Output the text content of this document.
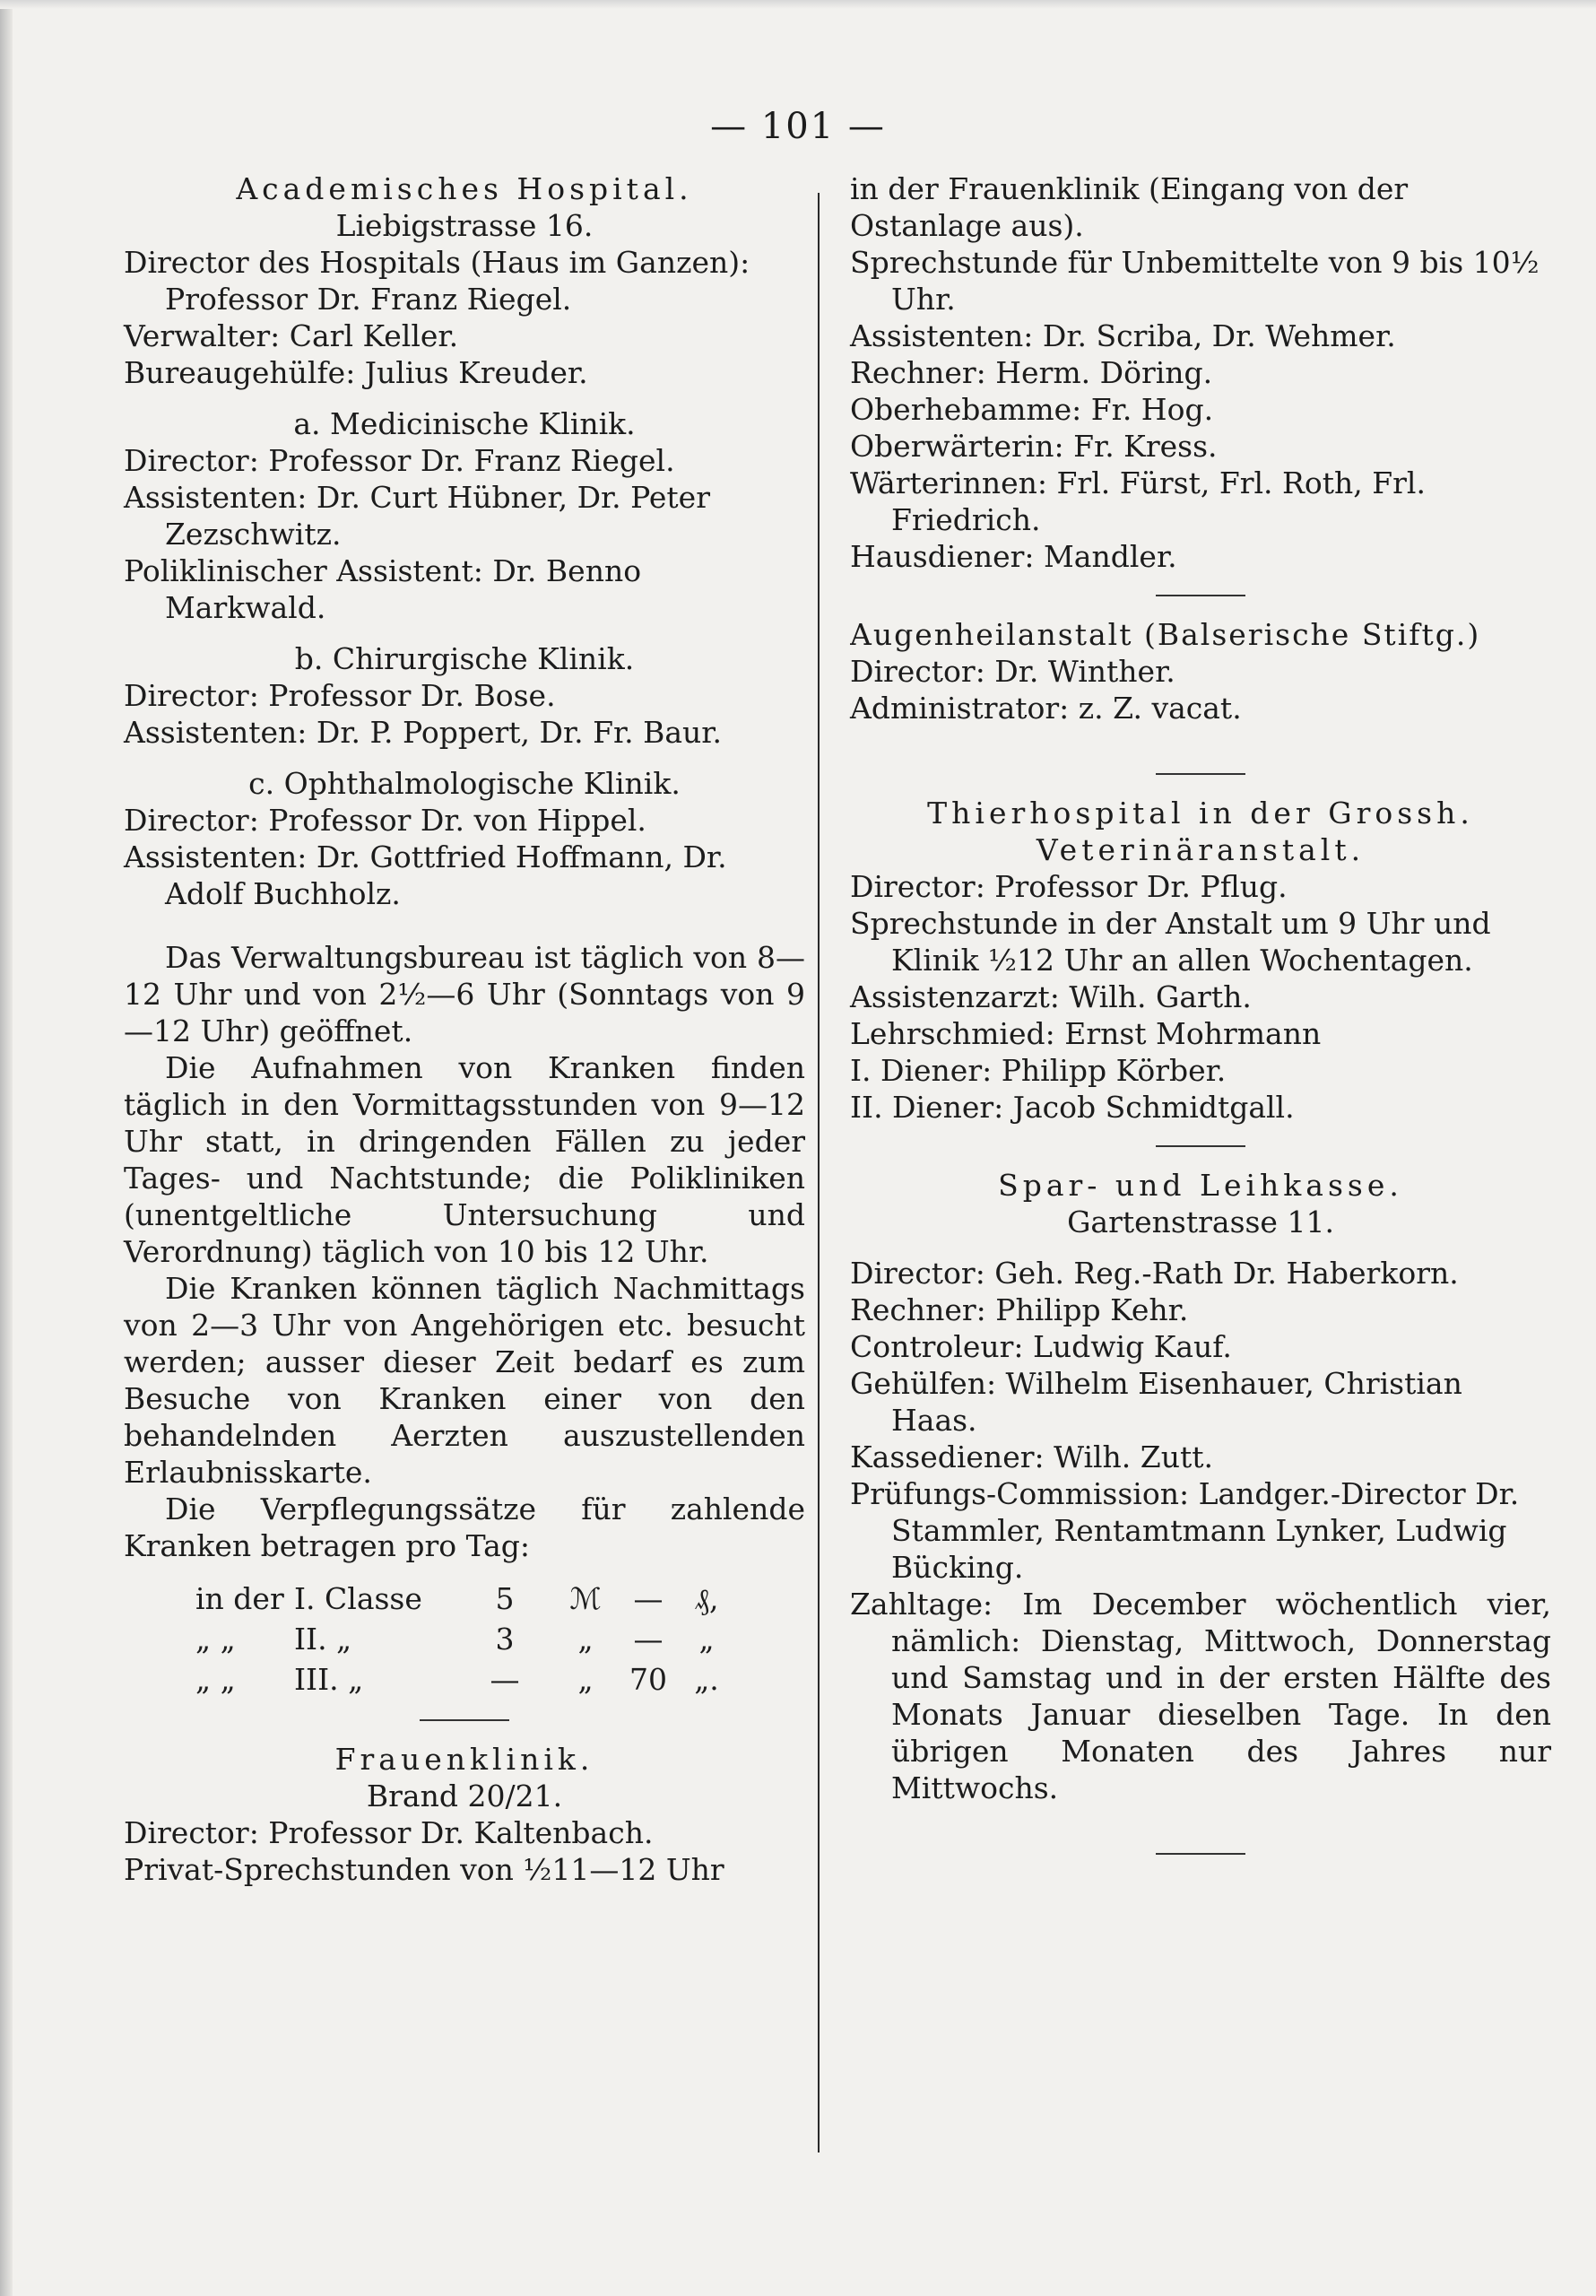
— 101 —
Academisches Hospital.
Liebigstrasse 16.

Director des Hospitals (Haus im Ganzen): Professor Dr. Franz Riegel.

Verwalter: Carl Keller.

Bureaugehülfe: Julius Kreuder.

a. Medicinische Klinik.

Director: Professor Dr. Franz Riegel.

Assistenten: Dr. Curt Hübner, Dr. Peter Zezschwitz.

Poliklinischer Assistent: Dr. Benno Markwald.

b. Chirurgische Klinik.

Director: Professor Dr. Bose.

Assistenten: Dr. P. Poppert, Dr. Fr. Baur.

c. Ophthalmologische Klinik.

Director: Professor Dr. von Hippel.

Assistenten: Dr. Gottfried Hoffmann, Dr. Adolf Buchholz.

Das Verwaltungsbureau ist täglich von 8—12 Uhr und von 2½—6 Uhr (Sonntags von 9—12 Uhr) geöffnet.

Die Aufnahmen von Kranken finden täglich in den Vormittagsstunden von 9—12 Uhr statt, in dringenden Fällen zu jeder Tages- und Nachtstunde; die Polikliniken (unentgeltliche Untersuchung und Verordnung) täglich von 10 bis 12 Uhr.

Die Kranken können täglich Nachmittags von 2—3 Uhr von Angehörigen etc. besucht werden; ausser dieser Zeit bedarf es zum Besuche von Kranken einer von den behandelnden Aerzten auszustellenden Erlaubnisskarte.

Die Verpflegungssätze für zahlende Kranken betragen pro Tag:

in der I. Classe	5	ℳ	—	₰,
„ „	II. „	3	„	—	„
„ „	III. „	—	„	70 „.
Frauenklinik.
Brand 20/21.

Director: Professor Dr. Kaltenbach.

Privat-Sprechstunden von ½11—12 Uhr

in der Frauenklinik (Eingang von der Ostanlage aus).

Sprechstunde für Unbemittelte von 9 bis 10½ Uhr.

Assistenten: Dr. Scriba, Dr. Wehmer.

Rechner: Herm. Döring.

Oberhebamme: Fr. Hog.

Oberwärterin: Fr. Kress.

Wärterinnen: Frl. Fürst, Frl. Roth, Frl. Friedrich.

Hausdiener: Mandler.

Augenheilanstalt (Balserische Stiftg.)

Director: Dr. Winther.

Administrator: z. Z. vacat.

Thierhospital in der Grossh.
Veterinäranstalt.

Director: Professor Dr. Pflug.

Sprechstunde in der Anstalt um 9 Uhr und Klinik ½12 Uhr an allen Wochentagen.

Assistenzarzt: Wilh. Garth.

Lehrschmied: Ernst Mohrmann

I. Diener: Philipp Körber.

II. Diener: Jacob Schmidtgall.

Spar- und Leihkasse.
Gartenstrasse 11.

Director: Geh. Reg.-Rath Dr. Haberkorn.

Rechner: Philipp Kehr.

Controleur: Ludwig Kauf.

Gehülfen: Wilhelm Eisenhauer, Christian Haas.

Kassediener: Wilh. Zutt.

Prüfungs-Commission: Landger.-Director Dr. Stammler, Rentamtmann Lynker, Ludwig Bücking.

Zahltage: Im December wöchentlich vier, nämlich: Dienstag, Mittwoch, Donnerstag und Samstag und in der ersten Hälfte des Monats Januar dieselben Tage. In den übrigen Monaten des Jahres nur Mittwochs.
